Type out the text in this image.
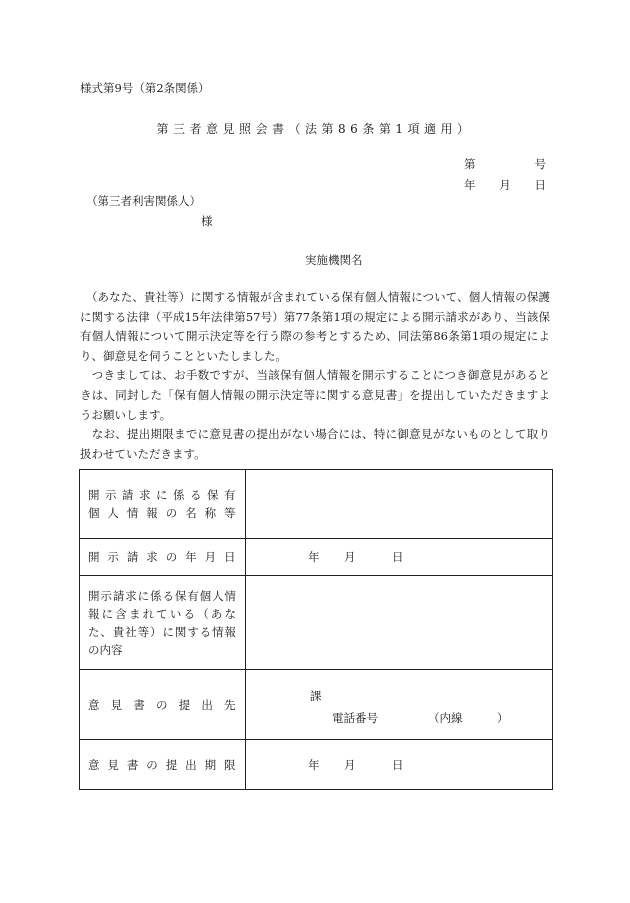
様式第9号（第2条関係）
第三者意見照会書（法第86条第1項適用）
第	号
年 月 日
（第三者利害関係人）
様
実施機関名

　（あなた、貴社等）に関する情報が含まれている保有個人情報について、個人情報の保護に関する法律（平成15年法律第57号）第77条第1項の規定による開示請求があり、当該保有個人情報について開示決定等を行う際の参考とするため、同法第86条第1項の規定により、御意見を伺うことといたしました。

　つきましては、お手数ですが、当該保有個人情報を開示することにつき御意見があるときは、同封した「保有個人情報の開示決定等に関する意見書」を提出していただきますようお願いします。

　なお、提出期限までに意見書の提出がない場合には、特に御意見がないものとして取り扱わせていただきます。

開示請求に係る保有
個人情報の名称等	

開示請求の年月日	年 月 日

開示請求に係る保有個人情報に含まれている（あなた、貴社等）に関する情報の内容	

意見書の提出先	課
電話番号 （内線　　　）

意見書の提出期限	年 月 日
